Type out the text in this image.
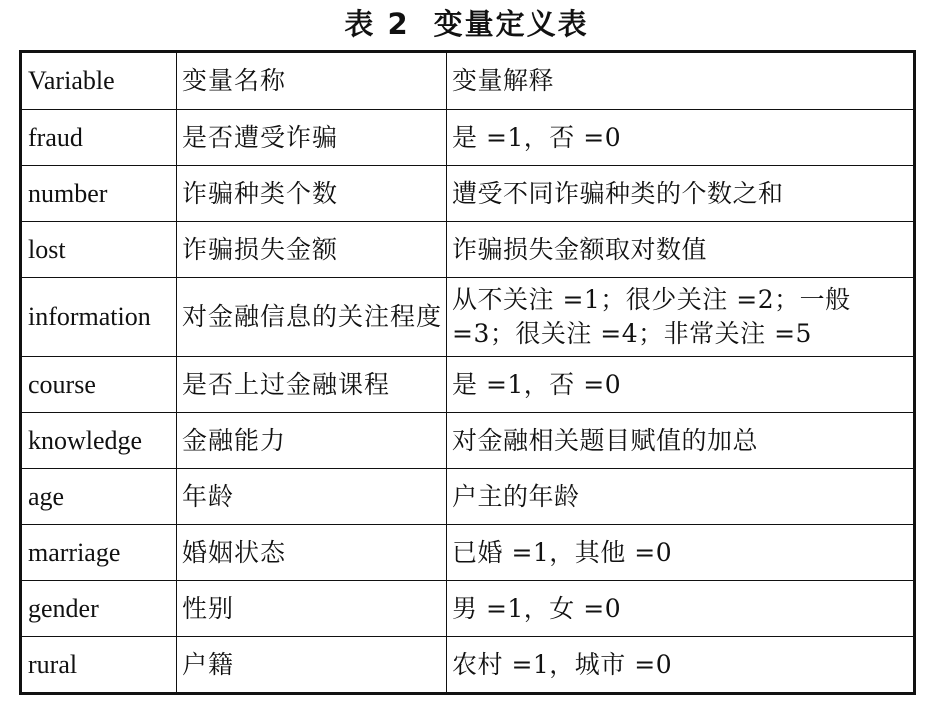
表 2 变量定义表
Variable	变量名称	变量解释
fraud	是否遭受诈骗	是 =1，否 =0
number	诈骗种类个数	遭受不同诈骗种类的个数之和
lost	诈骗损失金额	诈骗损失金额取对数值
information	对金融信息的关注程度	从不关注 =1；很少关注 =2；一般 =3；很关注 =4；非常关注 =5
course	是否上过金融课程	是 =1，否 =0
knowledge	金融能力	对金融相关题目赋值的加总
age	年龄	户主的年龄
marriage	婚姻状态	已婚 =1，其他 =0
gender	性别	男 =1，女 =0
rural	户籍	农村 =1，城市 =0
